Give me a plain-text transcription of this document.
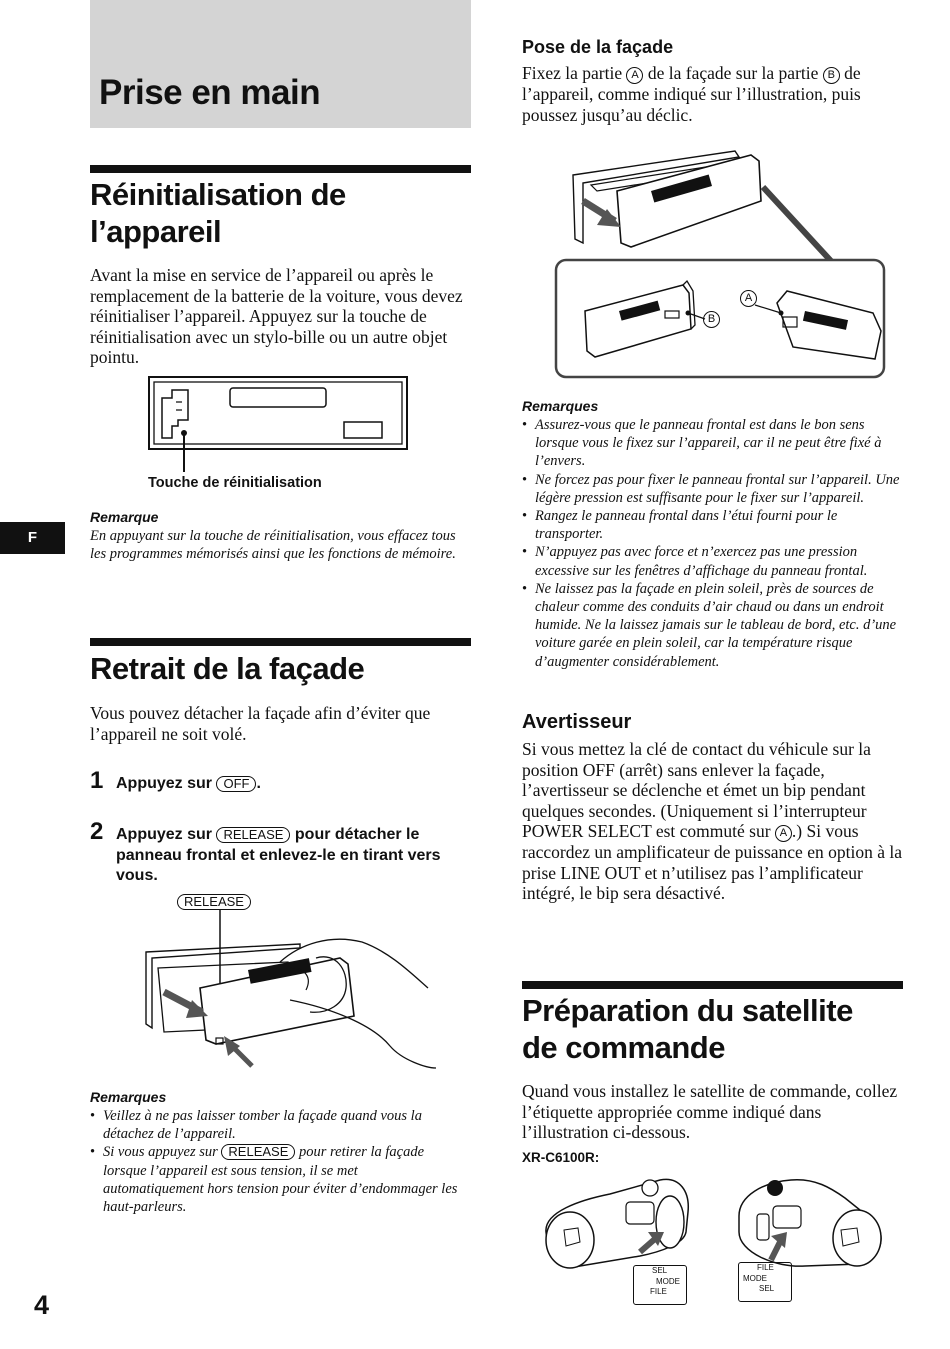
Prise en main
Réinitialisation de
l’appareil
Avant la mise en service de l’appareil ou après le remplacement de la batterie de la voiture, vous devez réinitialiser l’appareil. Appuyez sur la touche de réinitialisation avec un stylo-bille ou un autre objet pointu.
Touche de réinitialisation
Remarque
En appuyant sur la touche de réinitialisation, vous effacez tous les programmes mémorisés ainsi que les fonctions de mémoire.
F
Retrait de la façade
Vous pouvez détacher la façade afin d’éviter que l’appareil ne soit volé.
1 Appuyez sur OFF .
2 Appuyez sur RELEASE pour détacher le panneau frontal et enlevez-le en tirant vers vous.
RELEASE
Remarques
• Veillez à ne pas laisser tomber la façade quand vous la détachez de l’appareil.
• Si vous appuyez sur RELEASE pour retirer la façade lorsque l’appareil est sous tension, il se met automatiquement hors tension pour éviter d’endommager les haut-parleurs.
4
Pose de la façade
Fixez la partie A de la façade sur la partie B de l’appareil, comme indiqué sur l’illustration, puis poussez jusqu’au déclic.
B
A
Remarques
• Assurez-vous que le panneau frontal est dans le bon sens lorsque vous le fixez sur l’appareil, car il ne peut être fixé à l’envers.
• Ne forcez pas pour fixer le panneau frontal sur l’appareil. Une légère pression est suffisante pour le fixer sur l’appareil.
• Rangez le panneau frontal dans l’étui fourni pour le transporter.
• N’appuyez pas avec force et n’exercez pas une pression excessive sur les fenêtres d’affichage du panneau frontal.
• Ne laissez pas la façade en plein soleil, près de sources de chaleur comme des conduits d’air chaud ou dans un endroit humide. Ne la laissez jamais sur le tableau de bord, etc. d’une voiture garée en plein soleil, car la température risque d’augmenter considérablement.
Avertisseur
Si vous mettez la clé de contact du véhicule sur la position OFF (arrêt) sans enlever la façade, l’avertisseur se déclenche et émet un bip pendant quelques secondes. (Uniquement si l’interrupteur POWER SELECT est commuté sur A .) Si vous raccordez un amplificateur de puissance en option à la prise LINE OUT et n’utilisez pas l’amplificateur intégré, le bip sera désactivé.
Préparation du satellite
de commande
Quand vous installez le satellite de commande, collez l’étiquette appropriée comme indiqué dans l’illustration ci-dessous.
XR-C6100R:
SEL
MODE
FILE
FILE
MODE
SEL
